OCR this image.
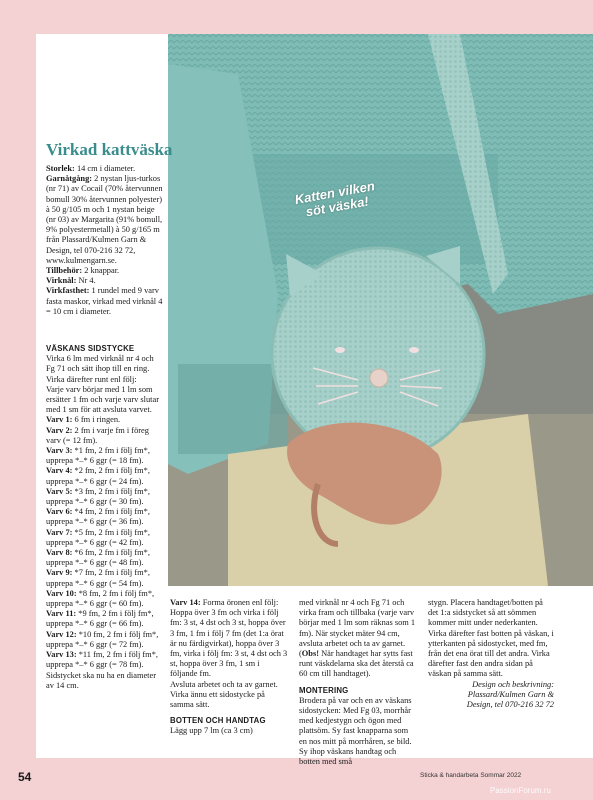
Katten vilken söt väska!
Virkad kattväska

Storlek: 14 cm i diameter.

Garnåtgång: 2 nystan ljus-turkos (nr 71) av Cocail (70% återvunnen bomull 30% återvunnen polyester) à 50 g/105 m och 1 nystan beige (nr 03) av Margarita (91% bomull, 9% polyestermetall) à 50 g/165 m från Plassard/Kulmen Garn & Design, tel 070-216 32 72, www.kulmengarn.se.

Tillbehör: 2 knappar.

Virknål: Nr 4.

Virkfasthet: 1 rundel med 9 varv fasta maskor, virkad med virknål 4 = 10 cm i diameter.

VÄSKANS SIDSTYCKE

Virka 6 lm med virknål nr 4 och Fg 71 och sätt ihop till en ring. Virka därefter runt enl följ:

Varje varv börjar med 1 lm som ersätter 1 fm och varje varv slutar med 1 sm för att avsluta varvet.

Varv 1: 6 fm i ringen.

Varv 2: 2 fm i varje fm i föreg varv (= 12 fm).

Varv 3: *1 fm, 2 fm i följ fm*, upprepa *–* 6 ggr (= 18 fm).

Varv 4: *2 fm, 2 fm i följ fm*, upprepa *–* 6 ggr (= 24 fm).

Varv 5: *3 fm, 2 fm i följ fm*, upprepa *–* 6 ggr (= 30 fm).

Varv 6: *4 fm, 2 fm i följ fm*, upprepa *–* 6 ggr (= 36 fm).

Varv 7: *5 fm, 2 fm i följ fm*, upprepa *–* 6 ggr (= 42 fm).

Varv 8: *6 fm, 2 fm i följ fm*, upprepa *–* 6 ggr (= 48 fm).

Varv 9: *7 fm, 2 fm i följ fm*, upprepa *–* 6 ggr (= 54 fm).

Varv 10: *8 fm, 2 fm i följ fm*, upprepa *–* 6 ggr (= 60 fm).

Varv 11: *9 fm, 2 fm i följ fm*, upprepa *–* 6 ggr (= 66 fm).

Varv 12: *10 fm, 2 fm i följ fm*, upprepa *–* 6 ggr (= 72 fm).

Varv 13: *11 fm, 2 fm i följ fm*, upprepa *–* 6 ggr (= 78 fm).

Sidstycket ska nu ha en diameter av 14 cm.

Varv 14: Forma öronen enl följ: Hoppa över 3 fm och virka i följ fm: 3 st, 4 dst och 3 st, hoppa över 3 fm, 1 fm i följ 7 fm (det 1:a örat är nu färdigvirkat), hoppa över 3 fm, virka i följ fm: 3 st, 4 dst och 3 st, hoppa över 3 fm, 1 sm i följande fm.

Avsluta arbetet och ta av garnet. Virka ännu ett sidostycke på samma sätt.

BOTTEN OCH HANDTAG

Lägg upp 7 lm (ca 3 cm)

med virknål nr 4 och Fg 71 och virka fram och tillbaka (varje varv börjar med 1 lm som räknas som 1 fm). När stycket mäter 94 cm, avsluta arbetet och ta av garnet. (Obs! När handtaget har sytts fast runt väskdelarna ska det återstå ca 60 cm till handtaget).

MONTERING

Brodera på var och en av väskans sidostycken: Med Fg 03, morrhår med kedjestygn och ögon med plattsöm. Sy fast knapparna som en nos mitt på morrhåren, se bild. Sy ihop väskans handtag och botten med små

stygn. Placera handtaget/botten på det 1:a sidstycket så att sömmen kommer mitt under nederkanten. Virka därefter fast botten på väskan, i ytterkanten på sidostycket, med fm, från det ena örat till det andra. Virka därefter fast den andra sidan på väskan på samma sätt.

Design och beskrivning:
Plassard/Kulmen Garn &
Design, tel 070-216 32 72

54	Sticka & handarbeta Sommar 2022
PassionForum.ru
